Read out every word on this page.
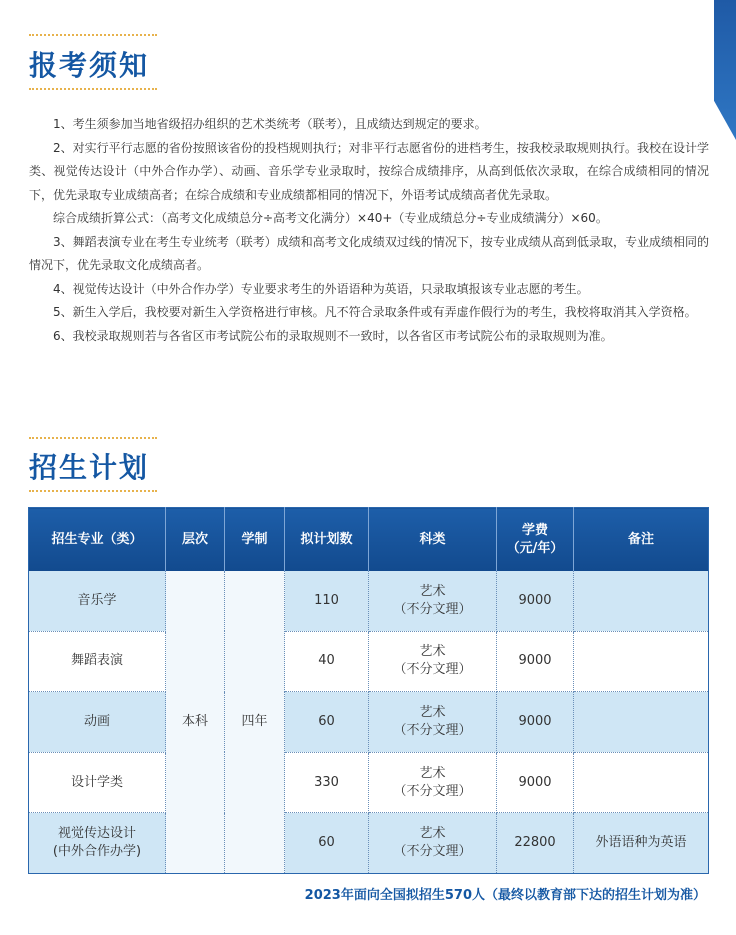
报考须知

1、考生须参加当地省级招办组织的艺术类统考（联考），且成绩达到规定的要求。

2、对实行平行志愿的省份按照该省份的投档规则执行；对非平行志愿省份的进档考生，按我校录取规则执行。我校在设计学类、视觉传达设计（中外合作办学）、动画、音乐学专业录取时，按综合成绩排序，从高到低依次录取，在综合成绩相同的情况下，优先录取专业成绩高者；在综合成绩和专业成绩都相同的情况下，外语考试成绩高者优先录取。

综合成绩折算公式：（高考文化成绩总分÷高考文化满分）×40+（专业成绩总分÷专业成绩满分）×60。

3、舞蹈表演专业在考生专业统考（联考）成绩和高考文化成绩双过线的情况下，按专业成绩从高到低录取，专业成绩相同的情况下，优先录取文化成绩高者。

4、视觉传达设计（中外合作办学）专业要求考生的外语语种为英语，只录取填报该专业志愿的考生。

5、新生入学后，我校要对新生入学资格进行审核。凡不符合录取条件或有弄虚作假行为的考生，我校将取消其入学资格。

6、我校录取规则若与各省区市考试院公布的录取规则不一致时，以各省区市考试院公布的录取规则为准。

招生计划
招生专业（类）	层次	学制	拟计划数	科类	学费
（元/年）	备注
音乐学	本科	四年	110	艺术
（不分文理）	9000	
舞蹈表演			40	艺术
（不分文理）	9000	
动画			60	艺术
（不分文理）	9000	
设计学类			330	艺术
（不分文理）	9000	
视觉传达设计
(中外合作办学)			60	艺术
（不分文理）	22800	外语语种为英语
2023年面向全国拟招生570人（最终以教育部下达的招生计划为准）
